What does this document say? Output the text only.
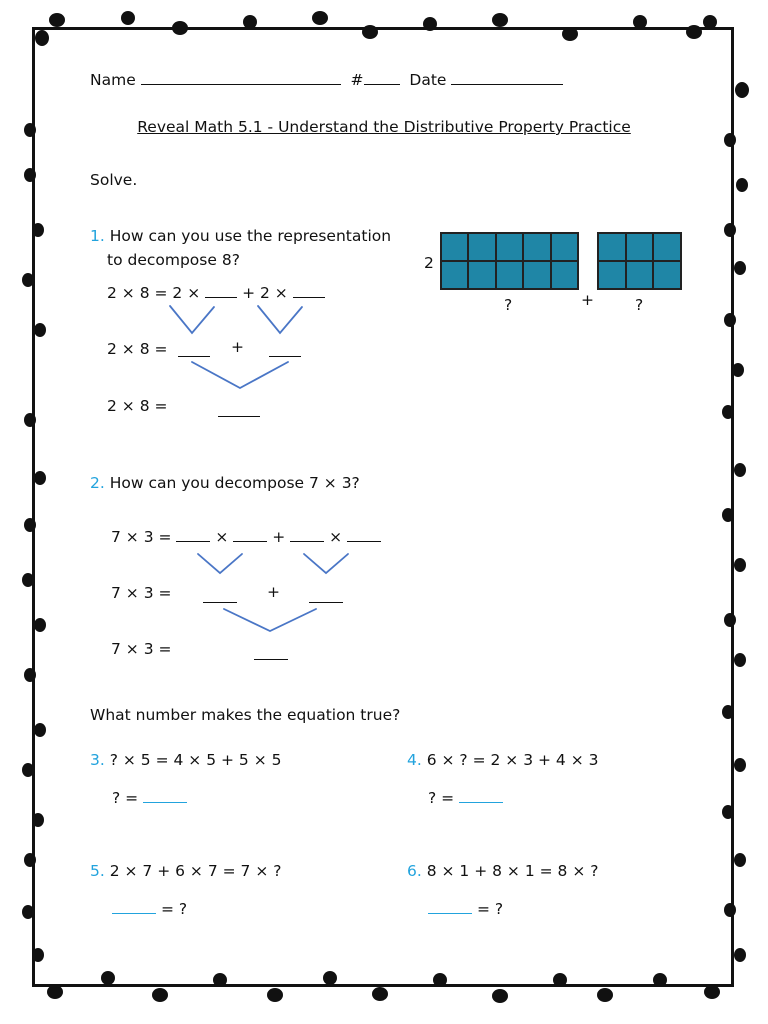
Name	#	Date
Reveal Math 5.1 - Understand the Distributive Property Practice
Solve.
1. How can you use the representation
to decompose 8?
2 × 8 = 2 ×	+ 2 ×
2 × 8 =	+
2 × 8 =
2
?	+	?
2. How can you decompose 7 × 3?
7 × 3 =	×	+	×
7 × 3 =	+
7 × 3 =
What number makes the equation true?
3. ? × 5 = 4 × 5 + 5 × 5
? =
4. 6 × ? = 2 × 3 + 4 × 3
? =
5. 2 × 7 + 6 × 7 = 7 × ?
= ?
6. 8 × 1 + 8 × 1 = 8 × ?
= ?
